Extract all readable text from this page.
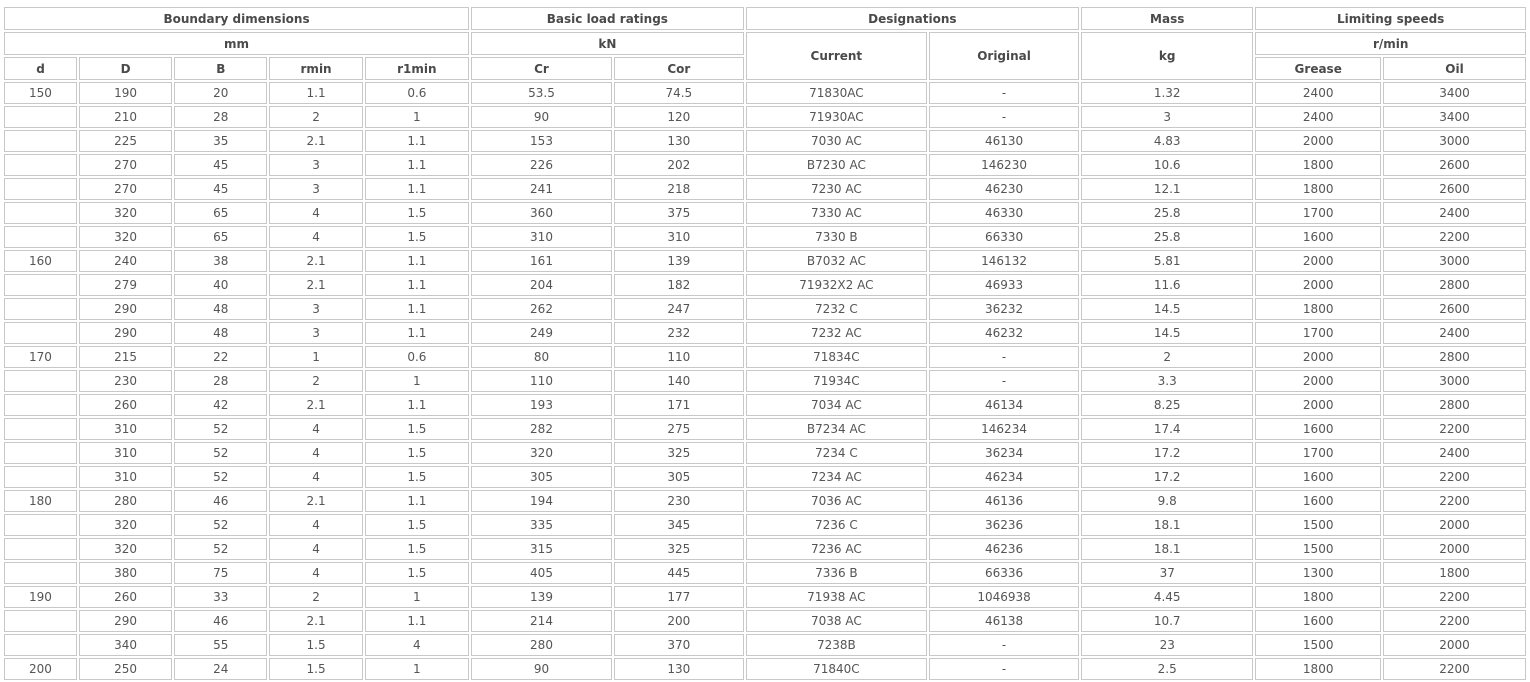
Boundary dimensions					Basic load ratings		Designations		Mass	Limiting speeds	
mm					kN		Current	Original	kg	r/min	
d	D	B	rmin	r1min	Cr	Cor				Grease	Oil
150	190	20	1.1	0.6	53.5	74.5	71830AC	-	1.32	2400	3400
	210	28	2	1	90	120	71930AC	-	3	2400	3400
	225	35	2.1	1.1	153	130	7030 AC	46130	4.83	2000	3000
	270	45	3	1.1	226	202	B7230 AC	146230	10.6	1800	2600
	270	45	3	1.1	241	218	7230 AC	46230	12.1	1800	2600
	320	65	4	1.5	360	375	7330 AC	46330	25.8	1700	2400
	320	65	4	1.5	310	310	7330 B	66330	25.8	1600	2200
160	240	38	2.1	1.1	161	139	B7032 AC	146132	5.81	2000	3000
	279	40	2.1	1.1	204	182	71932X2 AC	46933	11.6	2000	2800
	290	48	3	1.1	262	247	7232 C	36232	14.5	1800	2600
	290	48	3	1.1	249	232	7232 AC	46232	14.5	1700	2400
170	215	22	1	0.6	80	110	71834C	-	2	2000	2800
	230	28	2	1	110	140	71934C	-	3.3	2000	3000
	260	42	2.1	1.1	193	171	7034 AC	46134	8.25	2000	2800
	310	52	4	1.5	282	275	B7234 AC	146234	17.4	1600	2200
	310	52	4	1.5	320	325	7234 C	36234	17.2	1700	2400
	310	52	4	1.5	305	305	7234 AC	46234	17.2	1600	2200
180	280	46	2.1	1.1	194	230	7036 AC	46136	9.8	1600	2200
	320	52	4	1.5	335	345	7236 C	36236	18.1	1500	2000
	320	52	4	1.5	315	325	7236 AC	46236	18.1	1500	2000
	380	75	4	1.5	405	445	7336 B	66336	37	1300	1800
190	260	33	2	1	139	177	71938 AC	1046938	4.45	1800	2200
	290	46	2.1	1.1	214	200	7038 AC	46138	10.7	1600	2200
	340	55	1.5	4	280	370	7238B	-	23	1500	2000
200	250	24	1.5	1	90	130	71840C	-	2.5	1800	2200
